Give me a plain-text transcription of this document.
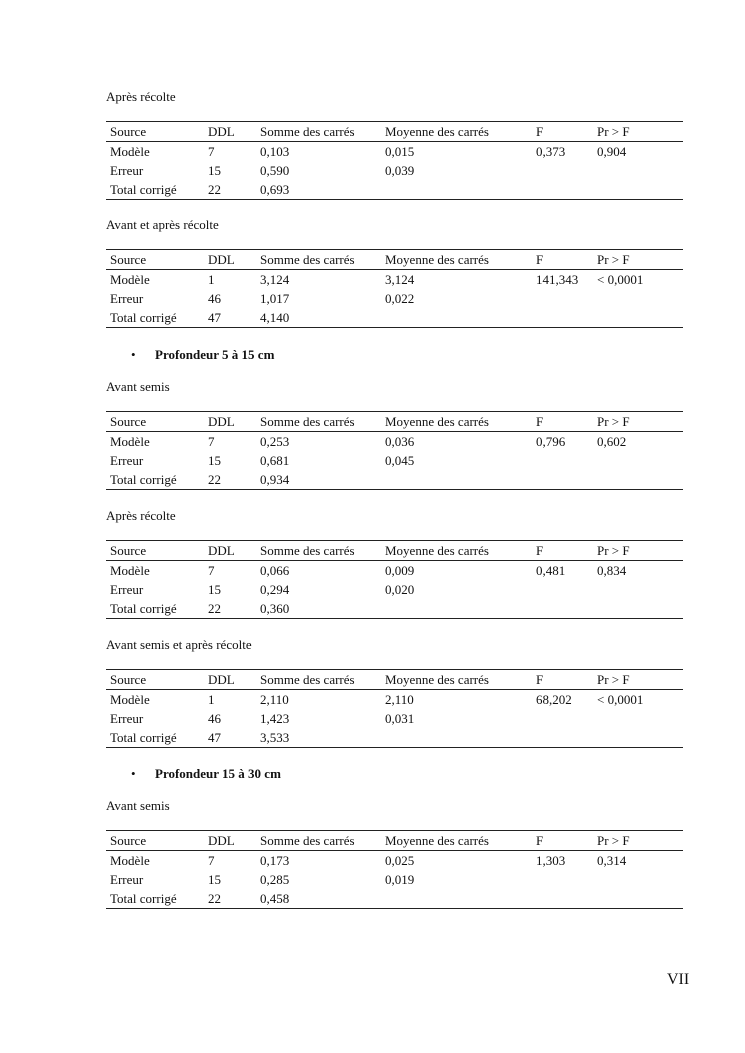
Après récolte
Source	DDL	Somme des carrés	Moyenne des carrés	F	Pr > F
Modèle	7	0,103	0,015	0,373	0,904
Erreur	15	0,590	0,039		
Total corrigé	22	0,693			
Avant et après récolte
Source	DDL	Somme des carrés	Moyenne des carrés	F	Pr > F
Modèle	1	3,124	3,124	141,343	< 0,0001
Erreur	46	1,017	0,022		
Total corrigé	47	4,140			
• Profondeur 5 à 15 cm
Avant semis
Source	DDL	Somme des carrés	Moyenne des carrés	F	Pr > F
Modèle	7	0,253	0,036	0,796	0,602
Erreur	15	0,681	0,045		
Total corrigé	22	0,934			
Après récolte
Source	DDL	Somme des carrés	Moyenne des carrés	F	Pr > F
Modèle	7	0,066	0,009	0,481	0,834
Erreur	15	0,294	0,020		
Total corrigé	22	0,360			
Avant semis et après récolte
Source	DDL	Somme des carrés	Moyenne des carrés	F	Pr > F
Modèle	1	2,110	2,110	68,202	< 0,0001
Erreur	46	1,423	0,031		
Total corrigé	47	3,533			
• Profondeur 15 à 30 cm
Avant semis
Source	DDL	Somme des carrés	Moyenne des carrés	F	Pr > F
Modèle	7	0,173	0,025	1,303	0,314
Erreur	15	0,285	0,019		
Total corrigé	22	0,458			
VII
